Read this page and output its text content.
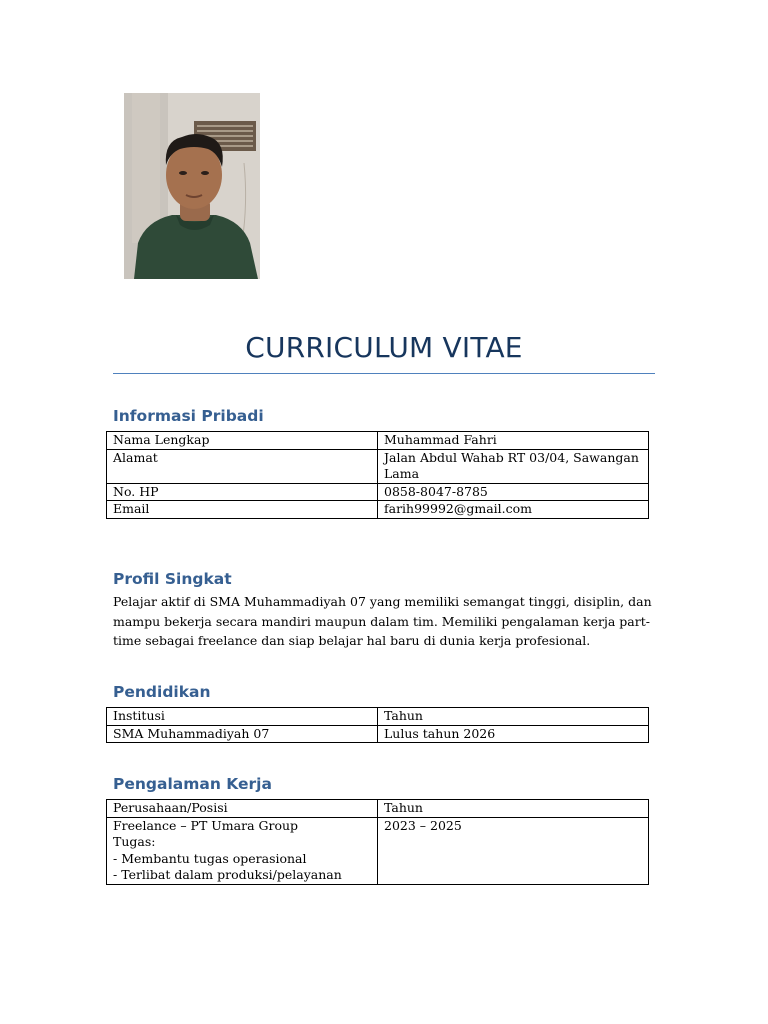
CURRICULUM VITAE
Informasi Pribadi
Nama Lengkap	Muhammad Fahri
Alamat	Jalan Abdul Wahab RT 03/04, Sawangan Lama
No. HP	0858-8047-8785
Email	farih99992@gmail.com
Profil Singkat
Pelajar aktif di SMA Muhammadiyah 07 yang memiliki semangat tinggi, disiplin, dan mampu bekerja secara mandiri maupun dalam tim. Memiliki pengalaman kerja part-time sebagai freelance dan siap belajar hal baru di dunia kerja profesional.
Pendidikan
Institusi	Tahun
SMA Muhammadiyah 07	Lulus tahun 2026
Pengalaman Kerja
Perusahaan/Posisi	Tahun

Freelance – PT Umara Group
Tugas:
- Membantu tugas operasional
- Terlibat dalam produksi/pelayanan	2023 – 2025
